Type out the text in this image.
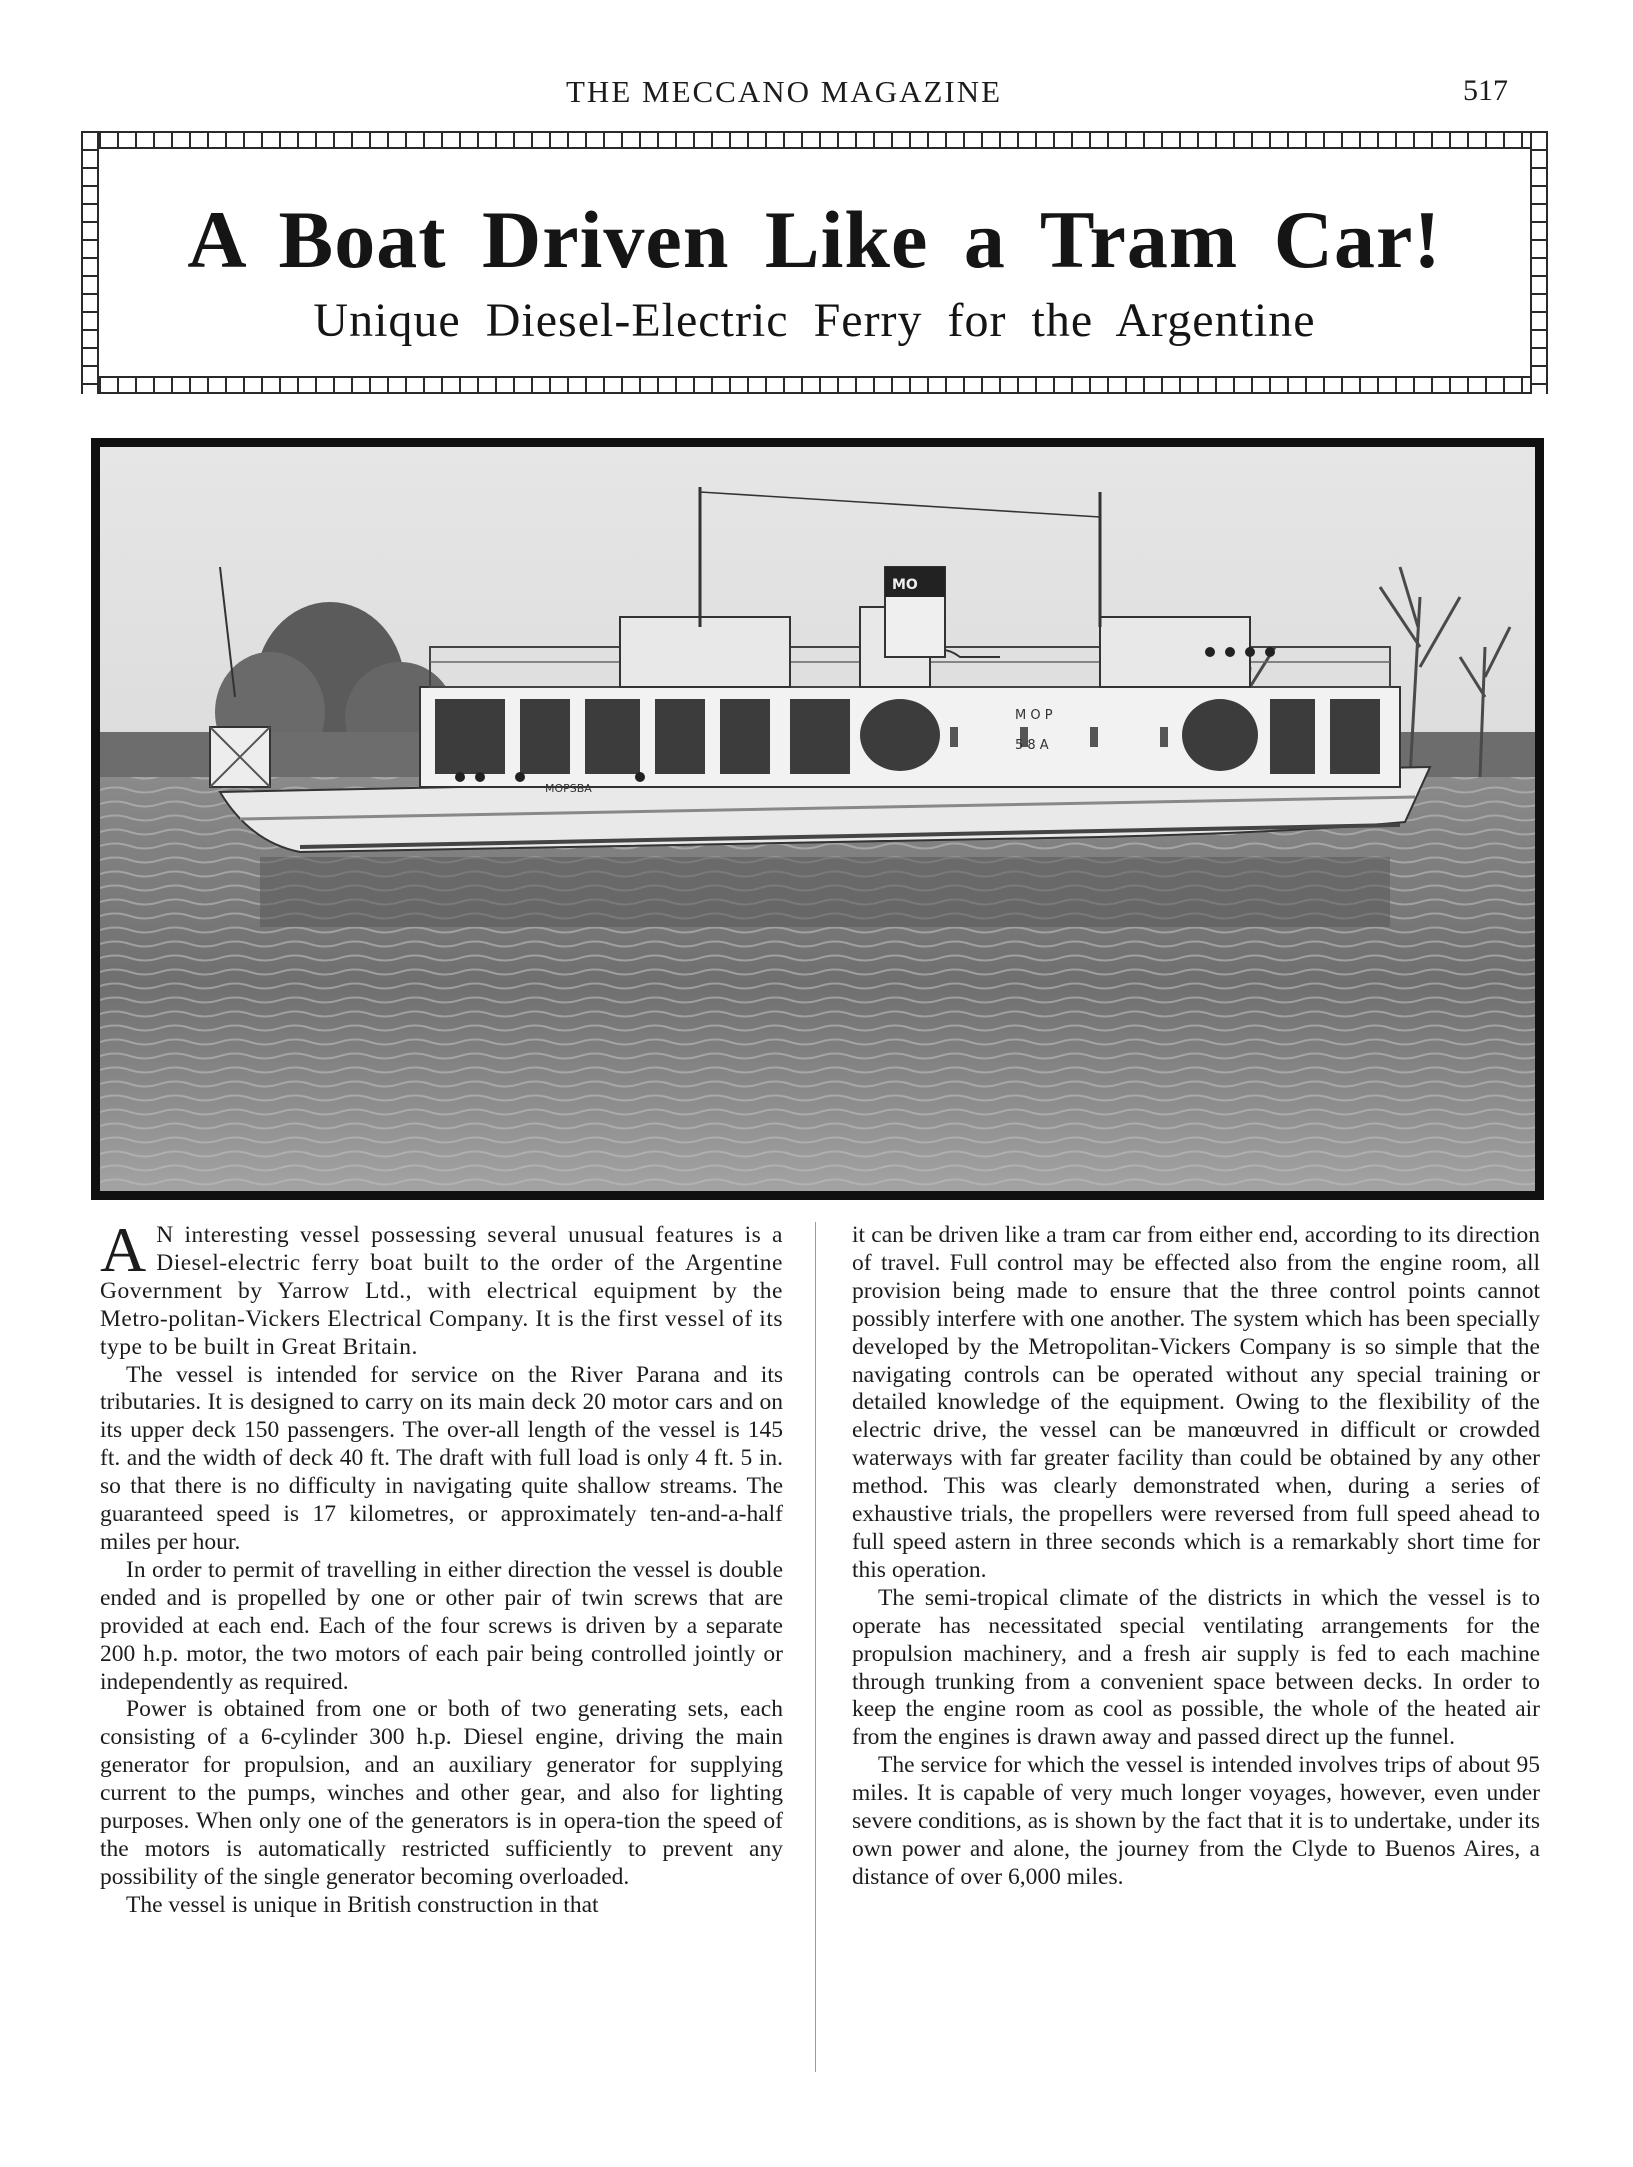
THE MECCANO MAGAZINE	517
A Boat Driven Like a Tram Car!
Unique Diesel-Electric Ferry for the Argentine
M O P
5 8 A
MOPSBA
MO

A N interesting vessel possessing several unusual features is a Diesel-electric ferry boat built to the order of the Argentine Government by Yarrow Ltd., with electrical equipment by the Metro-politan-Vickers Electrical Company. It is the first vessel of its type to be built in Great Britain.

The vessel is intended for service on the River Parana and its tributaries. It is designed to carry on its main deck 20 motor cars and on its upper deck 150 passengers. The over-all length of the vessel is 145 ft. and the width of deck 40 ft. The draft with full load is only 4 ft. 5 in. so that there is no difficulty in navigating quite shallow streams. The guaranteed speed is 17 kilometres, or approximately ten-and-a-half miles per hour.

In order to permit of travelling in either direction the vessel is double ended and is propelled by one or other pair of twin screws that are provided at each end. Each of the four screws is driven by a separate 200 h.p. motor, the two motors of each pair being controlled jointly or independently as required.

Power is obtained from one or both of two generating sets, each consisting of a 6-cylinder 300 h.p. Diesel engine, driving the main generator for propulsion, and an auxiliary generator for supplying current to the pumps, winches and other gear, and also for lighting purposes. When only one of the generators is in opera-tion the speed of the motors is automatically restricted sufficiently to prevent any possibility of the single generator becoming overloaded.

The vessel is unique in British construction in that

it can be driven like a tram car from either end, according to its direction of travel. Full control may be effected also from the engine room, all provision being made to ensure that the three control points cannot possibly interfere with one another. The system which has been specially developed by the Metropolitan-Vickers Company is so simple that the navigating controls can be operated without any special training or detailed knowledge of the equipment. Owing to the flexibility of the electric drive, the vessel can be manœuvred in difficult or crowded waterways with far greater facility than could be obtained by any other method. This was clearly demonstrated when, during a series of exhaustive trials, the propellers were reversed from full speed ahead to full speed astern in three seconds which is a remarkably short time for this operation.

The semi-tropical climate of the districts in which the vessel is to operate has necessitated special ventilating arrangements for the propulsion machinery, and a fresh air supply is fed to each machine through trunking from a convenient space between decks. In order to keep the engine room as cool as possible, the whole of the heated air from the engines is drawn away and passed direct up the funnel.

The service for which the vessel is intended involves trips of about 95 miles. It is capable of very much longer voyages, however, even under severe conditions, as is shown by the fact that it is to undertake, under its own power and alone, the journey from the Clyde to Buenos Aires, a distance of over 6,000 miles.
